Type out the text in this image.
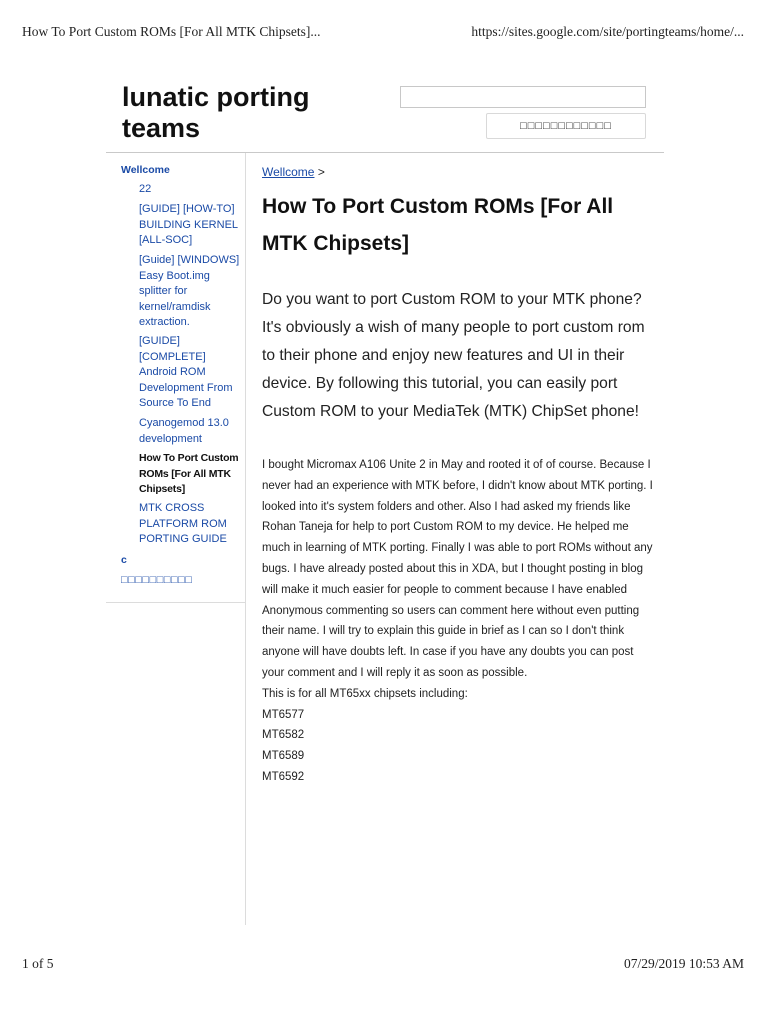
How To Port Custom ROMs [For All MTK Chipsets]...	https://sites.google.com/site/portingteams/home/...
1 of 5	07/29/2019 10:53 AM
lunatic porting teams	□□□□□□□□□□□□
Wellcome
22
[GUIDE] [HOW-TO] BUILDING KERNEL [ALL-SOC]
[Guide] [WINDOWS] Easy Boot.img splitter for kernel/ramdisk extraction.
[GUIDE] [COMPLETE] Android ROM Development From Source To End
Cyanogemod 13.0 development
How To Port Custom ROMs [For All MTK Chipsets]
MTK CROSS PLATFORM ROM PORTING GUIDE
c
□□□□□□□□□□
Wellcome >
How To Port Custom ROMs [For All MTK Chipsets]
Do you want to port Custom ROM to your MTK phone? It's obviously a wish of many people to port custom rom to their phone and enjoy new features and UI in their device. By following this tutorial, you can easily port Custom ROM to your MediaTek (MTK) ChipSet phone!

I bought Micromax A106 Unite 2 in May and rooted it of of course. Because I never had an experience with MTK before, I didn't know about MTK porting. I looked into it's system folders and other. Also I had asked my friends like Rohan Taneja for help to port Custom ROM to my device. He helped me much in learning of MTK porting. Finally I was able to port ROMs without any bugs. I have already posted about this in XDA, but I thought posting in blog will make it much easier for people to comment because I have enabled Anonymous commenting so users can comment here without even putting their name. I will try to explain this guide in brief as I can so I don't think anyone will have doubts left. In case if you have any doubts you can post your comment and I will reply it as soon as possible.

This is for all MT65xx chipsets including:

MT6577

MT6582

MT6589

MT6592
